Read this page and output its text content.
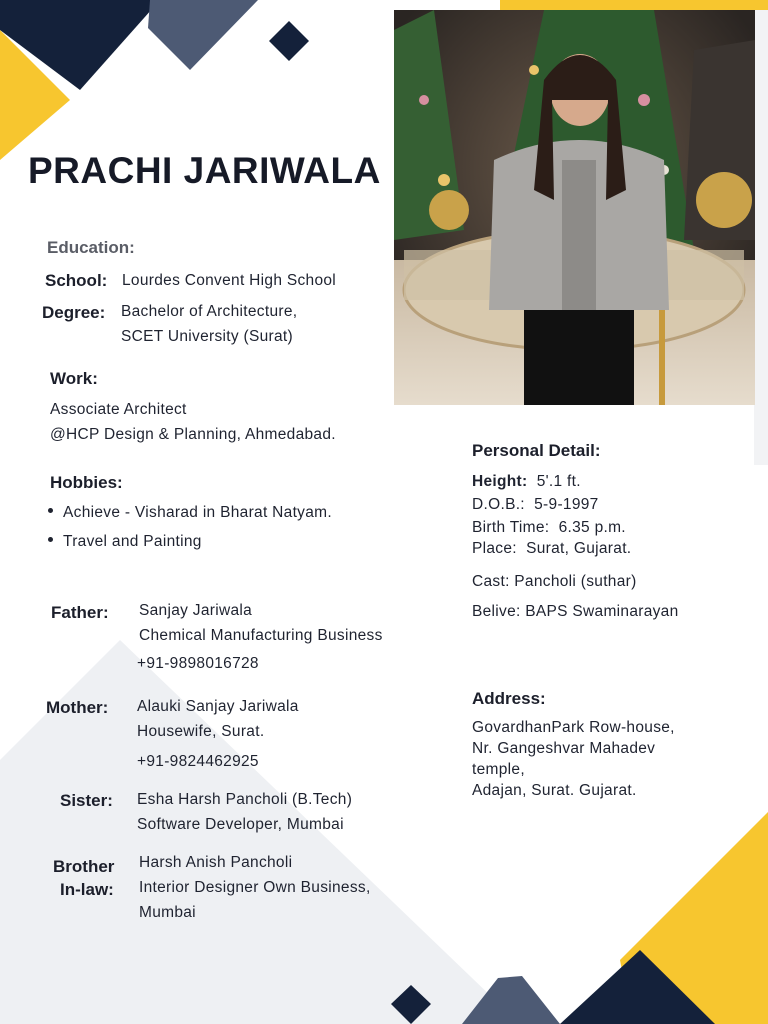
PRACHI JARIWALA
Education:
School: Lourdes Convent High School
Degree: Bachelor of Architecture,
SCET University (Surat)
Work:
Associate Architect
@HCP Design & Planning, Ahmedabad.
Hobbies:
Achieve - Visharad in Bharat Natyam.
Travel and Painting
Father: Sanjay Jariwala
Chemical Manufacturing Business
+91-9898016728
Mother: Alauki Sanjay Jariwala
Housewife, Surat.
+91-9824462925
Sister: Esha Harsh Pancholi (B.Tech)
Software Developer, Mumbai
Brother
In-law:
Harsh Anish Pancholi
Interior Designer Own Business,
Mumbai
Personal Detail:
Height: 5'.1 ft.
D.O.B.: 5-9-1997
Birth Time: 6.35 p.m.
Place: Surat, Gujarat.
Cast: Pancholi (suthar)
Belive: BAPS Swaminarayan
Address:
GovardhanPark Row-house,
Nr. Gangeshvar Mahadev
temple,
Adajan, Surat. Gujarat.
